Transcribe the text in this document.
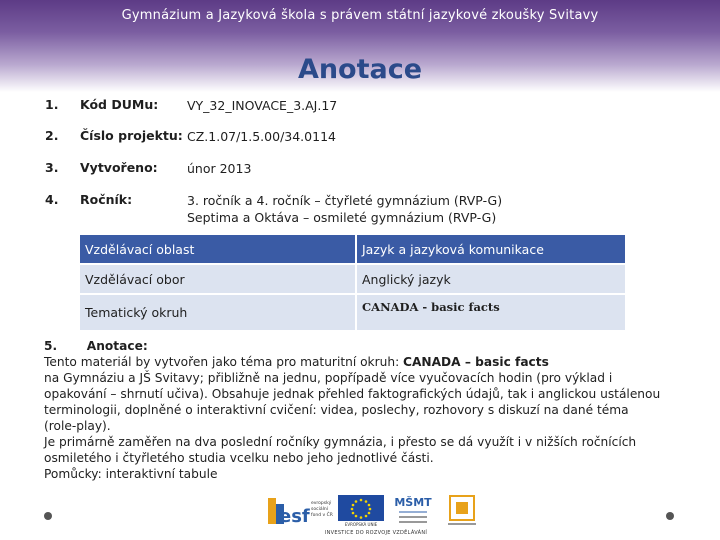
Gymnázium a Jazyková škola s právem státní jazykové zkoušky Svitavy
Anotace
1.	Kód DUMu: VY_32_INOVACE_3.AJ.17
2.	Číslo projektu: CZ.1.07/1.5.00/34.0114
3.	Vytvořeno: únor 2013
4.	Ročník:	3. ročník a 4. ročník – čtyřleté gymnázium (RVP-G)
Septima a Oktáva – osmileté gymnázium (RVP-G)
Vzdělávací oblast	Jazyk a jazyková komunikace
Vzdělávací obor	Anglický jazyk
Tematický okruh	CANADA - basic facts
5.       Anotace:
Tento materiál by vytvořen jako téma pro maturitní okruh: CANADA – basic facts
na Gymnáziu a JŠ Svitavy; přibližně na jednu, popřípadě více vyučovacích hodin (pro výklad i
opakování – shrnutí učiva). Obsahuje jednak přehled faktografických údajů, tak i anglickou ustálenou
terminologii, doplněné o interaktivní cvičení: videa, poslechy, rozhovory s diskuzí na dané téma
(role-play).
Je primárně zaměřen na dva poslední ročníky gymnázia, i přesto se dá využít i v nižších ročnících
osmiletého i čtyřletého studia vcelku nebo jeho jednotlivé části.
Pomůcky: interaktivní tabule
esf
evropský
sociální
fond v ČR
EVROPSKÁ UNIE
MŠMT
INVESTICE DO ROZVOJE VZDĚLÁVÁNÍ
